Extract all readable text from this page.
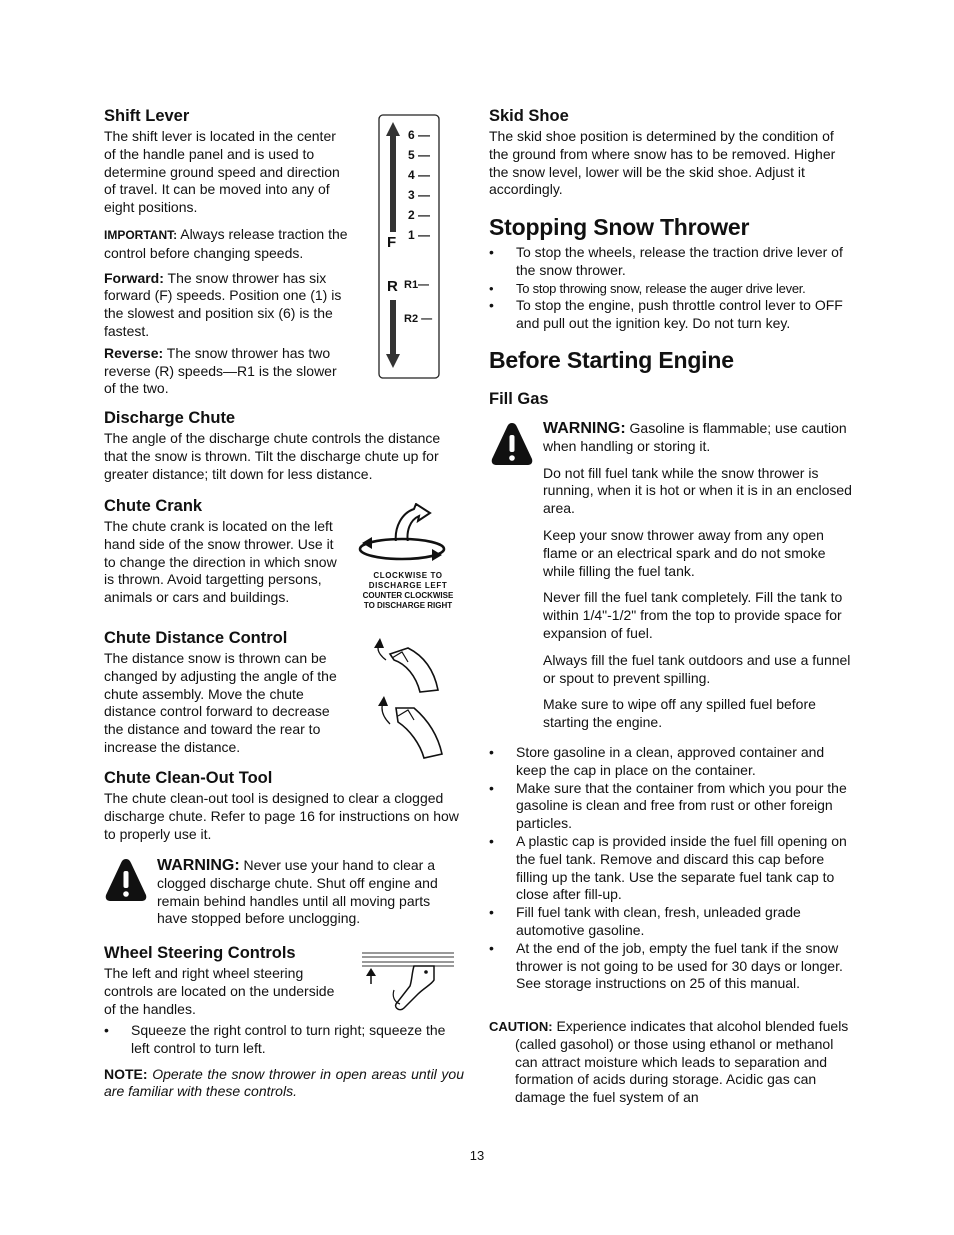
Shift Lever

The shift lever is located in the center of the handle panel and is used to determine ground speed and direction of travel. It can be moved into any of eight positions.

IMPORTANT: Always release traction the control before changing speeds.

Forward: The snow thrower has six forward (F) speeds. Position one (1) is the slowest and position six (6) is the fastest.

Reverse: The snow thrower has two reverse (R) speeds—R1 is the slower of the two.

6 —
5 —
4 —
3 —
2 —
1 —
F
R R1—
R2 —

Discharge Chute

The angle of the discharge chute controls the distance that the snow is thrown. Tilt the discharge chute up for greater distance; tilt down for less distance.

Chute Crank

The chute crank is located on the left hand side of the snow thrower. Use it to change the direction in which snow is thrown. Avoid targetting persons, animals or cars and buildings.

CLOCKWISE TO
DISCHARGE LEFT
COUNTER CLOCKWISE
TO DISCHARGE RIGHT

Chute Distance Control

The distance snow is thrown can be changed by adjusting the angle of the chute assembly. Move the chute distance control forward to decrease the distance and toward the rear to increase the distance.

Chute Clean-Out Tool

The chute clean-out tool is designed to clear a clogged discharge chute. Refer to page 16 for instructions on how to properly use it.

WARNING: Never use your hand to clear a clogged discharge chute. Shut off engine and remain behind handles until all moving parts have stopped before unclogging.

Wheel Steering Controls

The left and right wheel steering controls are located on the underside of the handles.

• Squeeze the right control to turn right; squeeze the left control to turn left.

NOTE: Operate the snow thrower in open areas until you are familiar with these controls.

Skid Shoe

The skid shoe position is determined by the condition of the ground from where snow has to be removed. Higher the snow level, lower will be the skid shoe. Adjust it accordingly.

Stopping Snow Thrower

• To stop the wheels, release the traction drive lever of the snow thrower.

• To stop throwing snow, release the auger drive lever.

• To stop the engine, push throttle control lever to OFF and pull out the ignition key. Do not turn key.

Before Starting Engine

Fill Gas

WARNING: Gasoline is flammable; use caution when handling or storing it.

Do not fill fuel tank while the snow thrower is running, when it is hot or when it is in an enclosed area.

Keep your snow thrower away from any open flame or an electrical spark and do not smoke while filling the fuel tank.

Never fill the fuel tank completely. Fill the tank to within 1/4"-1/2" from the top to provide space for expansion of fuel.

Always fill the fuel tank outdoors and use a funnel or spout to prevent spilling.

Make sure to wipe off any spilled fuel before starting the engine.

• Store gasoline in a clean, approved container and keep the cap in place on the container.

• Make sure that the container from which you pour the gasoline is clean and free from rust or other foreign particles.

• A plastic cap is provided inside the fuel fill opening on the fuel tank. Remove and discard this cap before filling up the tank. Use the separate fuel tank cap to close after fill-up.

• Fill fuel tank with clean, fresh, unleaded grade automotive gasoline.

• At the end of the job, empty the fuel tank if the snow thrower is not going to be used for 30 days or longer. See storage instructions on 25 of this manual.

CAUTION: Experience indicates that alcohol blended fuels (called gasohol) or those using ethanol or methanol can attract moisture which leads to separation and formation of acids during storage. Acidic gas can damage the fuel system of an

13
